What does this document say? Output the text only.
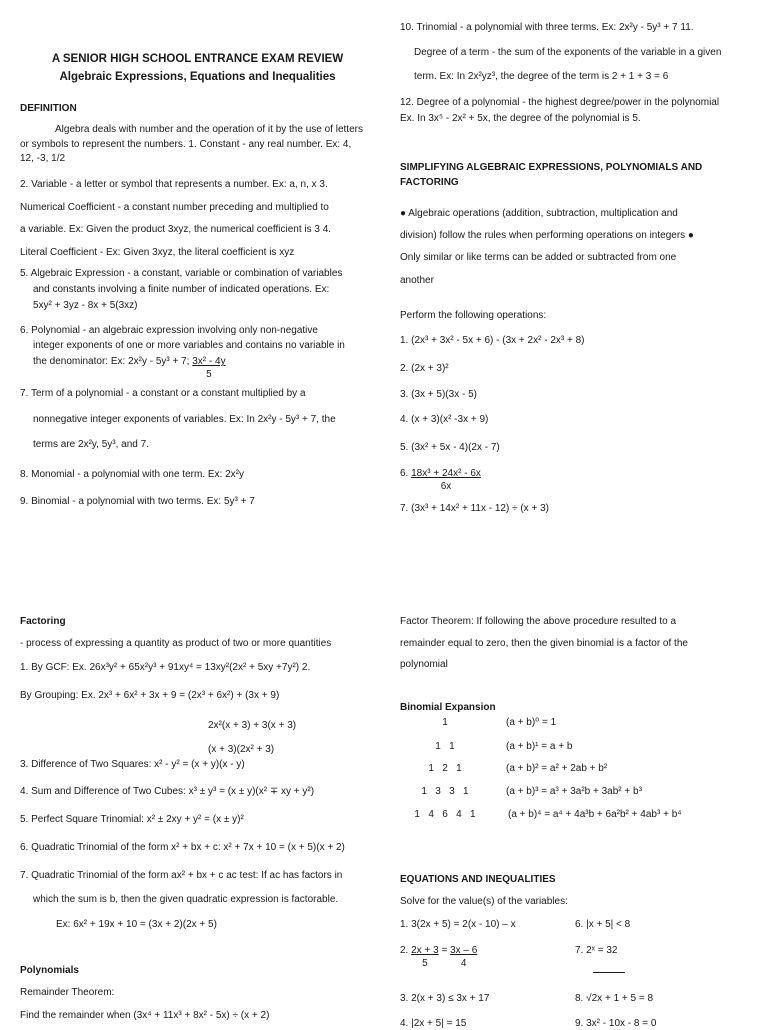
A SENIOR HIGH SCHOOL ENTRANCE EXAM REVIEW
Algebraic Expressions, Equations and Inequalities
DEFINITION
Algebra deals with number and the operation of it by the use of letters or symbols to represent the numbers. 1. Constant - any real number. Ex: 4, 12, -3, 1/2
2. Variable - a letter or symbol that represents a number. Ex: a, n, x 3.
Numerical Coefficient - a constant number preceding and multiplied to
a variable. Ex: Given the product 3xyz, the numerical coefficient is 3 4.
Literal Coefficient - Ex: Given 3xyz, the literal coefficient is xyz
5. Algebraic Expression - a constant, variable or combination of variables
and constants involving a finite number of indicated operations. Ex:
5xy² + 3yz - 8x + 5(3xz)
6. Polynomial - an algebraic expression involving only non-negative
integer exponents of one or more variables and contains no variable in
the denominator: Ex: 2x²y - 5y³ + 7; $\frac{\text{3x² - 4y}}{5}$
7. Term of a polynomial - a constant or a constant multiplied by a
nonnegative integer exponents of variables. Ex: In 2x²y - 5y³ + 7, the
terms are 2x²y, 5y³, and 7.
8. Monomial - a polynomial with one term. Ex: 2x²y
9. Binomial - a polynomial with two terms. Ex: 5y³ + 7
10. Trinomial - a polynomial with three terms. Ex: 2x²y - 5y³ + 7 11.
Degree of a term - the sum of the exponents of the variable in a given
term. Ex: In 2x²yz³, the degree of the term is 2 + 1 + 3 = 6
12. Degree of a polynomial - the highest degree/power in the polynomial
Ex. In 3x⁵ - 2x² + 5x, the degree of the polynomial is 5.
SIMPLIFYING ALGEBRAIC EXPRESSIONS, POLYNOMIALS AND
FACTORING
● Algebraic operations (addition, subtraction, multiplication and
division) follow the rules when performing operations on integers ●
Only similar or like terms can be added or subtracted from one
another
Perform the following operations:
1. (2x³ + 3x² - 5x + 6) - (3x + 2x² - 2x³ + 8)
2. (2x + 3)²
3. (3x + 5)(3x - 5)
4. (x + 3)(x² -3x + 9)
5. (3x² + 5x - 4)(2x - 7)
6. $\frac{\text{18x³ + 24x² - 6x}}{6x}$
7. (3x³ + 14x² + 11x - 12) ÷ (x + 3)
Factoring
- process of expressing a quantity as product of two or more quantities
1. By GCF: Ex. 26x³y² + 65x²y³ + 91xy⁴ = 13xy²(2x² + 5xy +7y²) 2.
By Grouping: Ex. 2x³ + 6x² + 3x + 9 = (2x³ + 6x²) + (3x + 9)
2x²(x + 3) + 3(x + 3)
(x + 3)(2x² + 3)
3. Difference of Two Squares: x² - y² = (x + y)(x - y)
4. Sum and Difference of Two Cubes: x³ ± y³ = (x ± y)(x² ∓ xy + y²)
5. Perfect Square Trinomial: x² ± 2xy + y² = (x ± y)²
6. Quadratic Trinomial of the form x² + bx + c: x² + 7x + 10 = (x + 5)(x + 2)
7. Quadratic Trinomial of the form ax² + bx + c ac test: If ac has factors in
which the sum is b, then the given quadratic expression is factorable.
Ex: 6x² + 19x + 10 = (3x + 2)(2x + 5)
Polynomials
Remainder Theorem:
Find the remainder when (3x⁴ + 11x³ + 8x² - 5x) ÷ (x + 2)
Factor Theorem: If following the above procedure resulted to a
remainder equal to zero, then the given binomial is a factor of the
polynomial
Binomial Expansion
1	(a + b)⁰ = 1
1   1	(a + b)¹ = a + b
1   2   1	(a + b)² = a² + 2ab + b²
1   3   3   1	(a + b)³ = a³ + 3a²b + 3ab² + b³
1   4   6   4   1	(a + b)⁴ = a⁴ + 4a³b + 6a²b² + 4ab³ + b⁴
EQUATIONS AND INEQUALITIES
Solve for the value(s) of the variables:
1. 3(2x + 5) = 2(x - 10) – x	6. |x + 5| < 8
2. $\frac{2x + 3}{5} = \frac{3x - 6}{4}$	7. 2ˣ = 32
3. 2(x + 3) ≤ 3x + 17	8. √2x + 1 + 5 = 8
4. |2x + 5| = 15	9. 3x² - 10x - 8 = 0
